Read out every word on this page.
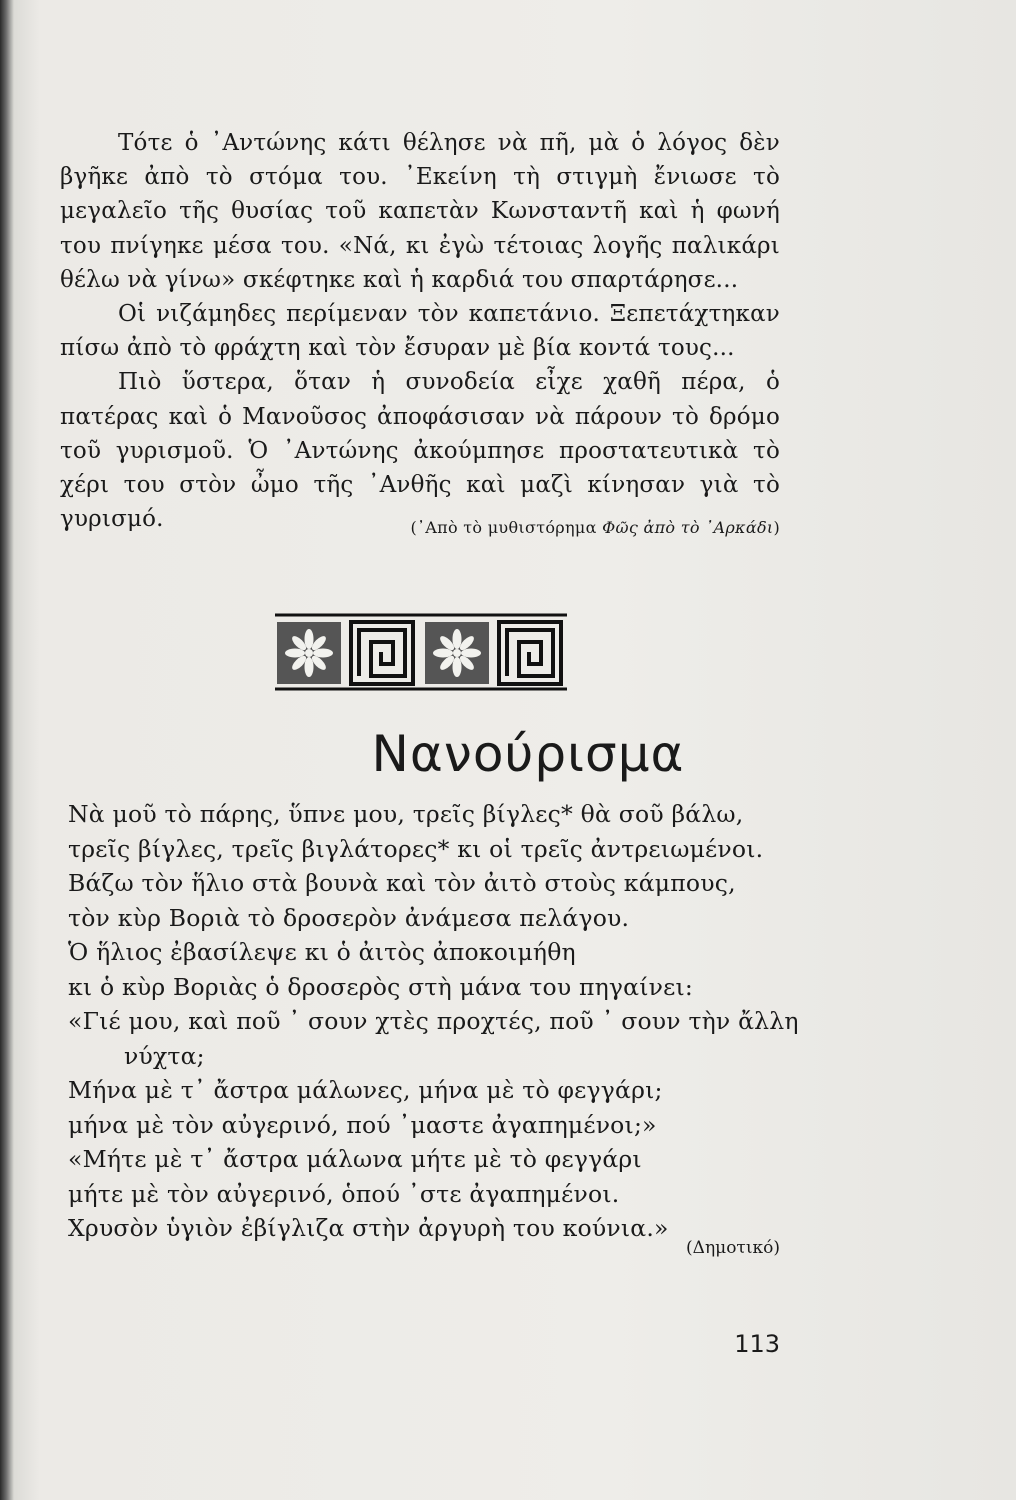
Τότε ὁ ᾿Αντώνης κάτι θέλησε νὰ πῆ, μὰ ὁ λόγος δὲν βγῆκε ἀπὸ τὸ στόμα του. ᾿Εκείνη τὴ στιγμὴ ἔνιωσε τὸ μεγαλεῖο τῆς θυσίας τοῦ καπετὰν Κωνσταντῆ καὶ ἡ φωνή του πνίγηκε μέσα του. «Νά, κι ἐγὼ τέτοιας λογῆς παλικάρι θέλω νὰ γίνω» σκέφτηκε καὶ ἡ καρδιά του σπαρτάρησε...

Οἱ νιζάμηδες περίμεναν τὸν καπετάνιο. Ξεπετάχτηκαν πίσω ἀπὸ τὸ φράχτη καὶ τὸν ἔσυραν μὲ βία κοντά τους...

Πιὸ ὕστερα, ὅταν ἡ συνοδεία εἶχε χαθῆ πέρα, ὁ πατέρας καὶ ὁ Μανοῦσος ἀποφάσισαν νὰ πάρουν τὸ δρόμο τοῦ γυρισμοῦ. Ὁ ᾿Αντώνης ἀκούμπησε προστατευτικὰ τὸ χέρι του στὸν ὦμο τῆς ᾿Ανθῆς καὶ μαζὶ κίνησαν γιὰ τὸ γυρισμό.	(᾿Απὸ τὸ μυθιστόρημα Φῶς ἀπὸ τὸ ᾿Αρκάδι)
Νανούρισμα
Νὰ μοῦ τὸ πάρης, ὕπνε μου, τρεῖς βίγλες* θὰ σοῦ βάλω,
τρεῖς βίγλες, τρεῖς βιγλάτορες* κι οἱ τρεῖς ἀντρειωμένοι.
Βάζω τὸν ἥλιο στὰ βουνὰ καὶ τὸν ἀιτὸ στοὺς κάμπους,
τὸν κὺρ Βοριὰ τὸ δροσερὸν ἀνάμεσα πελάγου.
Ὁ ἥλιος ἐβασίλεψε κι ὁ ἀιτὸς ἀποκοιμήθη
κι ὁ κὺρ Βοριὰς ὁ δροσερὸς στὴ μάνα του πηγαίνει:
«Γιέ μου, καὶ ποῦ ᾿ σουν χτὲς προχτές, ποῦ ᾿ σουν τὴν ἄλλη
νύχτα;
Μήνα μὲ τ᾿ ἄστρα μάλωνες, μήνα μὲ τὸ φεγγάρι;
μήνα μὲ τὸν αὐγερινό, πού ᾿μαστε ἀγαπημένοι;»
«Μήτε μὲ τ᾿ ἄστρα μάλωνα μήτε μὲ τὸ φεγγάρι
μήτε μὲ τὸν αὐγερινό, ὁπού ᾿στε ἀγαπημένοι.
Χρυσὸν ὑγιὸν ἐβίγλιζα στὴν ἀργυρὴ του κούνια.»
(Δημοτικό)
113
